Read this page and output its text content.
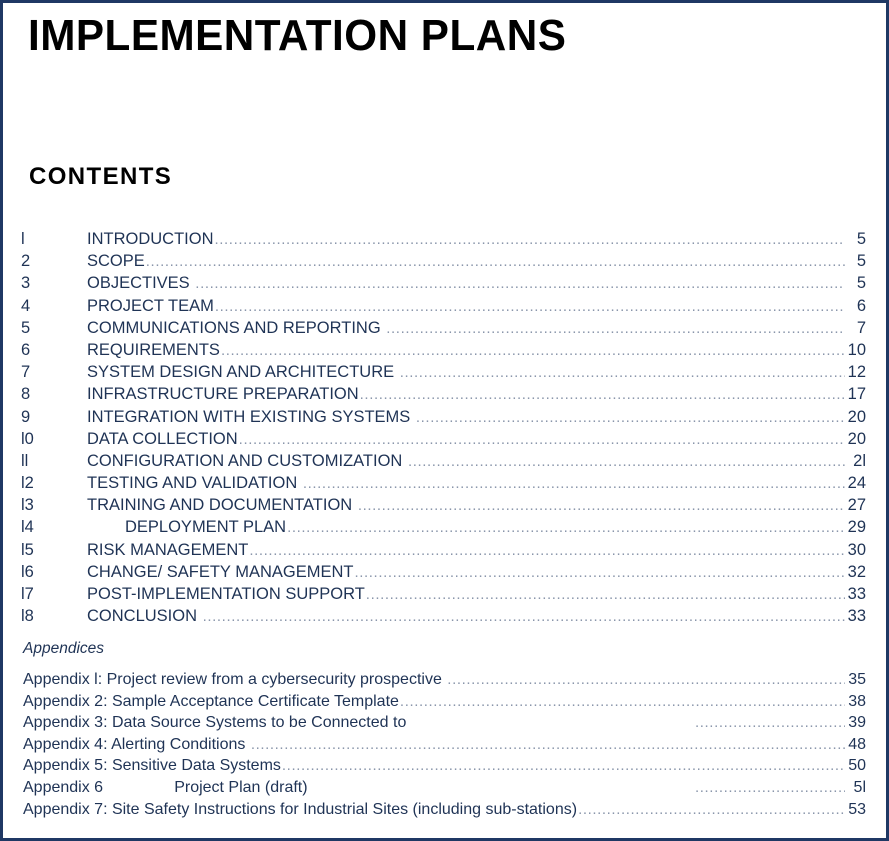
IMPLEMENTATION PLANS
CONTENTS
l	INTRODUCTION .....	5
2	SCOPE .....	5
3	OBJECTIVES .....	5
4	PROJECT TEAM .....	6
5	COMMUNICATIONS AND REPORTING .....	7
6	REQUIREMENTS .....	10
7	SYSTEM DESIGN AND ARCHITECTURE .....	12
8	INFRASTRUCTURE PREPARATION .....	17
9	INTEGRATION WITH EXISTING SYSTEMS .....	20
l0	DATA COLLECTION .....	20
ll	CONFIGURATION AND CUSTOMIZATION .....	2l
l2	TESTING AND VALIDATION .....	24
l3	TRAINING AND DOCUMENTATION .....	27
l4	DEPLOYMENT PLAN .....	29
l5	RISK MANAGEMENT .....	30
l6	CHANGE/ SAFETY MANAGEMENT .....	32
l7	POST-IMPLEMENTATION SUPPORT .....	33
l8	CONCLUSION .....	33
Appendices
Appendix l: Project review from a cybersecurity prospective .....	35
Appendix 2: Sample Acceptance Certificate Template .....	38
Appendix 3: Data Source Systems to be Connected to .....	39
Appendix 4: Alerting Conditions .....	48
Appendix 5: Sensitive Data Systems .....	50
Appendix 6                Project Plan (draft) .....	5l
Appendix 7: Site Safety Instructions for Industrial Sites (including sub-stations) .....	53
